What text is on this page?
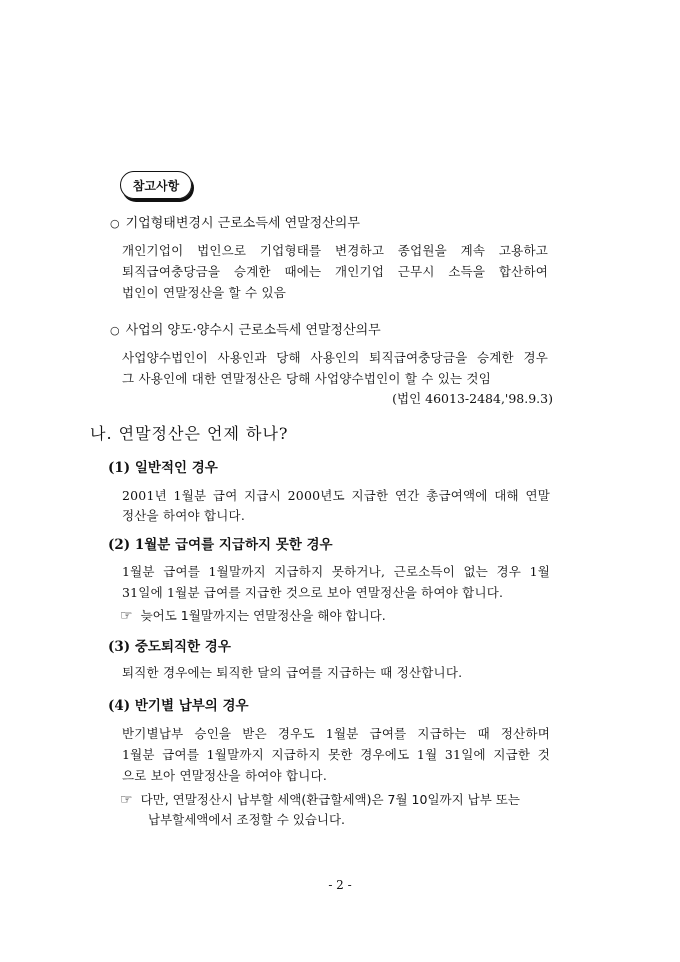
참고사항
○ 기업형태변경시 근로소득세 연말정산의무
개인기업이 법인으로 기업형태를 변경하고 종업원을 계속 고용하고
퇴직급여충당금을 승계한 때에는 개인기업 근무시 소득을 합산하여
법인이 연말정산을 할 수 있음
○ 사업의 양도·양수시 근로소득세 연말정산의무
사업양수법인이 사용인과 당해 사용인의 퇴직급여충당금을 승계한 경우
그 사용인에 대한 연말정산은 당해 사업양수법인이 할 수 있는 것임
(법인 46013-2484,'98.9.3)
나. 연말정산은 언제 하나?
(1) 일반적인 경우
2001년 1월분 급여 지급시 2000년도 지급한 연간 총급여액에 대해 연말
정산을 하여야 합니다.
(2) 1월분 급여를 지급하지 못한 경우
1월분 급여를 1월말까지 지급하지 못하거나, 근로소득이 없는 경우 1월
31일에 1월분 급여를 지급한 것으로 보아 연말정산을 하여야 합니다.
☞ 늦어도 1월말까지는 연말정산을 해야 합니다.
(3) 중도퇴직한 경우
퇴직한 경우에는 퇴직한 달의 급여를 지급하는 때 정산합니다.
(4) 반기별 납부의 경우
반기별납부 승인을 받은 경우도 1월분 급여를 지급하는 때 정산하며
1월분 급여를 1월말까지 지급하지 못한 경우에도 1월 31일에 지급한 것
으로 보아 연말정산을 하여야 합니다.
☞ 다만, 연말정산시 납부할 세액(환급할세액)은 7월 10일까지 납부 또는
납부할세액에서 조정할 수 있습니다.
- 2 -
